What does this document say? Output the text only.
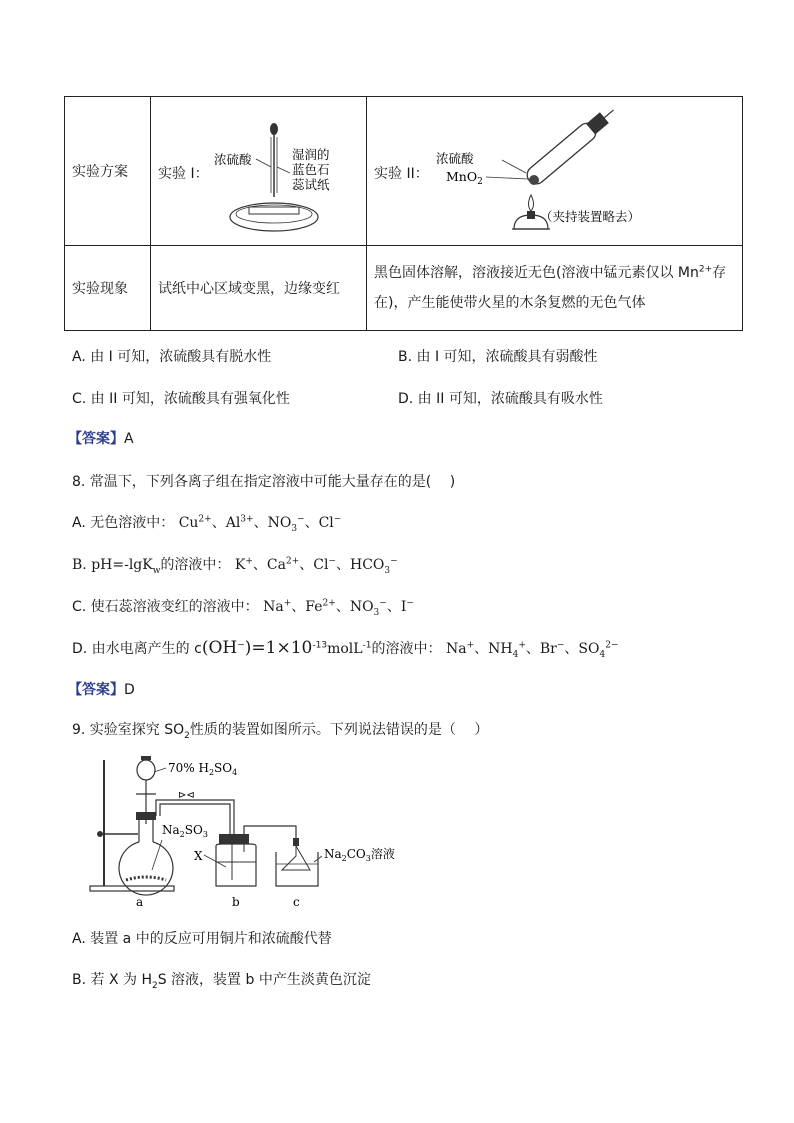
实验方案	实验 I：
浓硫酸 湿润的
蓝色石
蕊试纸	实验 II：
浓硫酸
MnO$_2$
（夹持装置略去）

实验现象	试纸中心区域变黑，边缘变红	黑色固体溶解，溶液接近无色(溶液中锰元素仅以 $Mn^{2+}$存
在)，产生能使带火星的木条复燃的无色气体
A. 由 I 可知，浓硫酸具有脱水性	B. 由 I 可知，浓硫酸具有弱酸性
C. 由 II 可知，浓硫酸具有强氧化性	D. 由 II 可知，浓硫酸具有吸水性
【答案】A
8. 常温下，下列各离子组在指定溶液中可能大量存在的是(　 )
A. 无色溶液中： $Cu^{2+}$、$Al^{3+}$、$NO_3^-$、Cl−
B. pH=-lgK$_w$的溶液中： K+、$Ca^{2+}$、Cl−、$HCO_3^-$
C. 使石蕊溶液变红的溶液中： Na+、$Fe^{2+}$、$NO_3^-$、I−
D. 由水电离产生的 $c(OH^-)=1\times 10^{-13}molL^{-1}$的溶液中： Na+、$NH_4^+$、Br−、$SO_4^{2-}$
【答案】D
9. 实验室探究 $SO_2$性质的装置如图所示。下列说法错误的是（　 ）
⊳⊲
70% $H_2SO_4$
$Na_2SO_3$
X	$Na_2CO_3$溶液
a	b	c
A. 装置 a 中的反应可用铜片和浓硫酸代替
B. 若 X 为 $H_2S$ 溶液，装置 b 中产生淡黄色沉淀
